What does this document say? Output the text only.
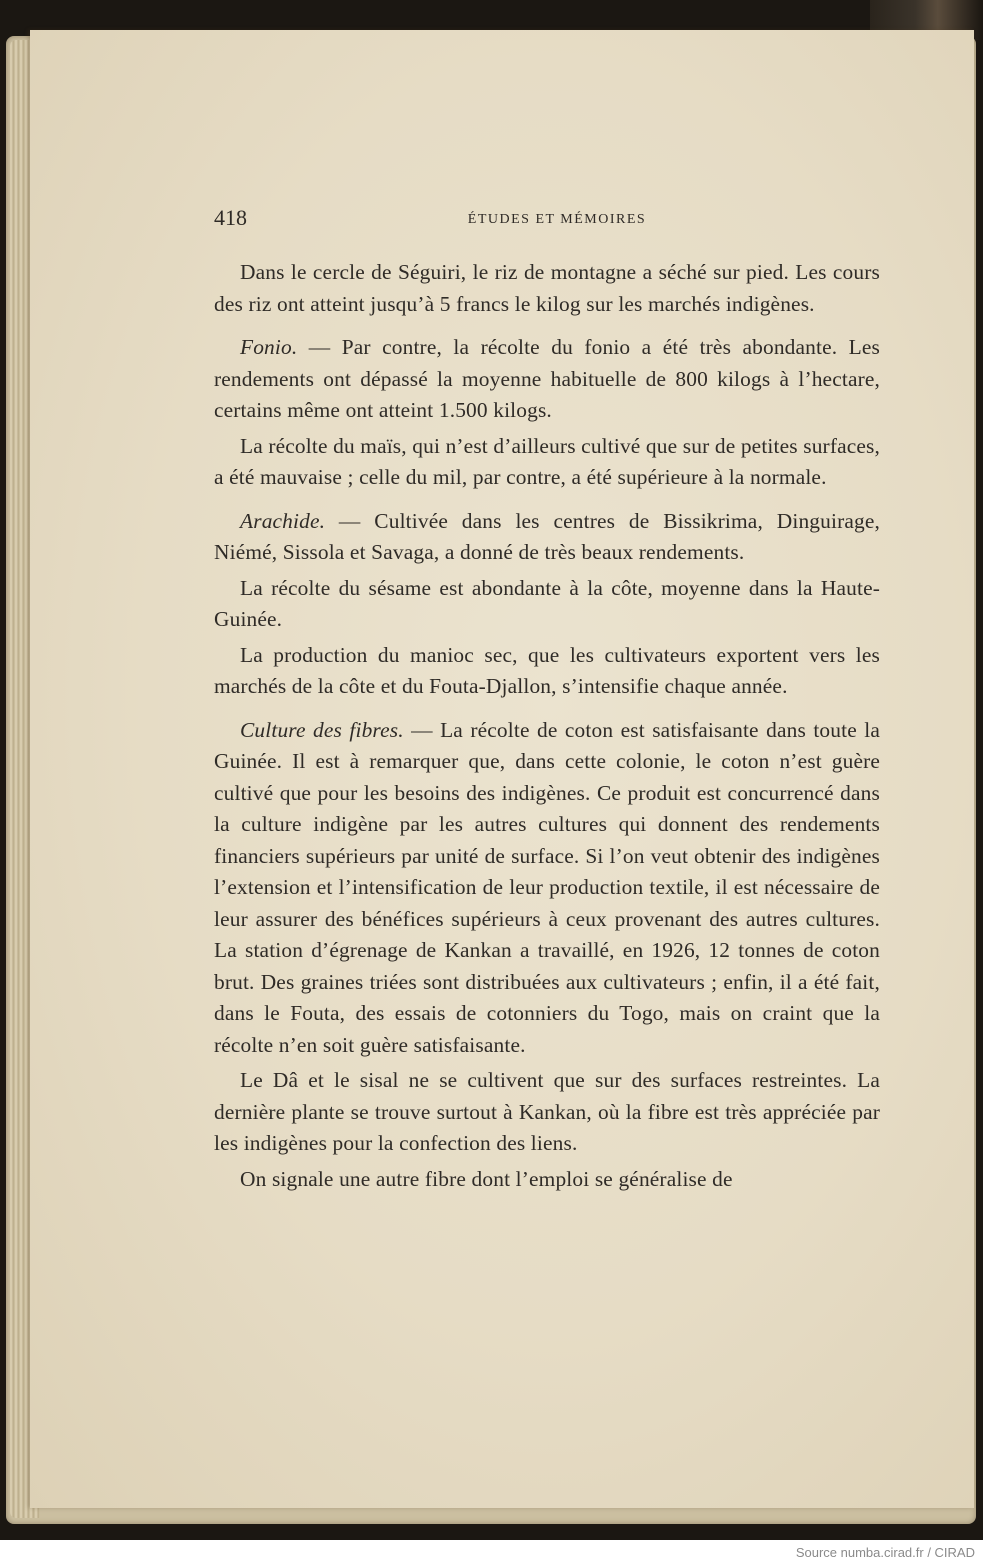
418	ÉTUDES ET MÉMOIRES

Dans le cercle de Séguiri, le riz de montagne a séché sur pied. Les cours des riz ont atteint jusqu’à 5 francs le kilog sur les marchés indigènes.

Fonio. — Par contre, la récolte du fonio a été très abondante. Les rendements ont dépassé la moyenne habituelle de 800 kilogs à l’hectare, certains même ont atteint 1.500 kilogs.

La récolte du maïs, qui n’est d’ailleurs cultivé que sur de petites surfaces, a été mauvaise ; celle du mil, par contre, a été supérieure à la normale.

Arachide. — Cultivée dans les centres de Bissikrima, Dinguirage, Niémé, Sissola et Savaga, a donné de très beaux rendements.

La récolte du sésame est abondante à la côte, moyenne dans la Haute-Guinée.

La production du manioc sec, que les cultivateurs exportent vers les marchés de la côte et du Fouta-Djallon, s’intensifie chaque année.

Culture des fibres. — La récolte de coton est satisfaisante dans toute la Guinée. Il est à remarquer que, dans cette colonie, le coton n’est guère cultivé que pour les besoins des indigènes. Ce produit est concurrencé dans la culture indigène par les autres cultures qui donnent des rendements financiers supérieurs par unité de surface. Si l’on veut obtenir des indigènes l’extension et l’intensification de leur production textile, il est nécessaire de leur assurer des bénéfices supérieurs à ceux provenant des autres cultures. La station d’égrenage de Kankan a travaillé, en 1926, 12 tonnes de coton brut. Des graines triées sont distribuées aux cultivateurs ; enfin, il a été fait, dans le Fouta, des essais de cotonniers du Togo, mais on craint que la récolte n’en soit guère satisfaisante.

Le Dâ et le sisal ne se cultivent que sur des surfaces restreintes. La dernière plante se trouve surtout à Kankan, où la fibre est très appréciée par les indigènes pour la confection des liens.

On signale une autre fibre dont l’emploi se généralise de

Source numba.cirad.fr / CIRAD
